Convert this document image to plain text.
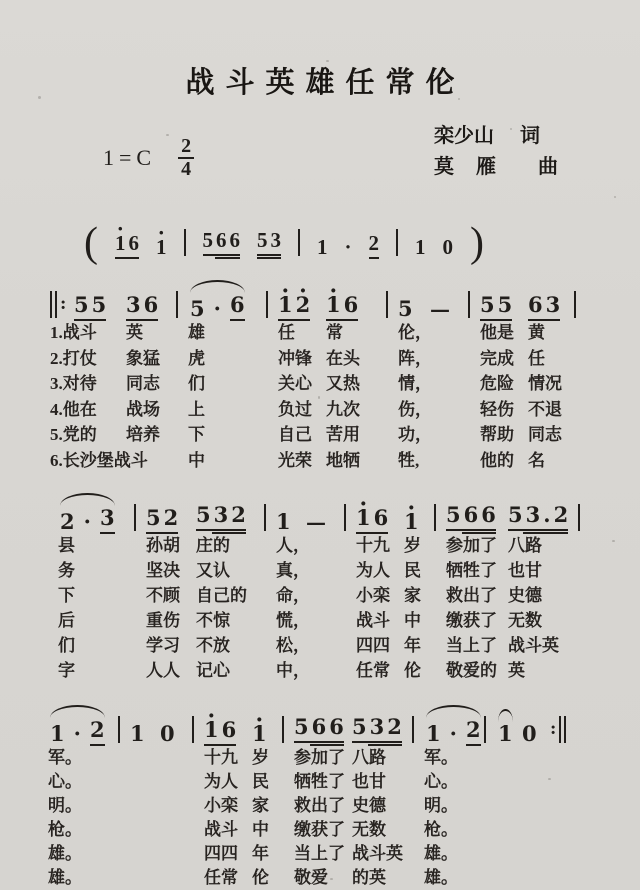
战斗英雄任常伦
$1=C \frac{2}{4}$	栾少山	词
莫雁 曲
( · 1 6 · 1 5 6 6 5 3 1 · 2 1 0 )
: 5 5 3 6 5 · 6 · 1 · 2 · 1 6 5 — 5 5 6 3
1.战斗 英	雄	任 常	伦，	他是 黄
2.打仗 象猛 虎	冲锋 在头 阵，	完成 任
3.对待 同志 们	关心 又热 情，	危险 情况
4.他在 战场 上	负过 九次 伤，	轻伤 不退
5.党的 培养 下	自己 苦用 功，	帮助 同志
6.长沙堡战斗 中	光荣 地牺 牲,	他的 名
2 · 3 5 2 5 3 2 1 — · 1 6 · 1 5 6 6 5 3 . 2
县	孙胡 庄的	人，	十九 岁 参加了 八路
务	坚决 又认	真，	为人 民 牺牲了 也甘
下	不顾 自己的 命，	小栾 家 救出了 史德
后	重伤 不惊	慌，	战斗 中 缴获了 无数
们	学习 不放	松，	四四 年 当上了 战斗英
字	人人 记心	中，	任常 伦 敬爱的 英
1 · 2 1 0 · 1 6 · 1 5 6 6 5 3 2 1 · 2 1 0 :
军。	十九 岁 参加了 八路 军。
心。	为人 民 牺牲了 也甘 心。
明。	小栾 家 救出了 史德 明。
枪。	战斗 中 缴获了 无数 枪。
雄。	四四 年 当上了 战斗英 雄。
雄。	任常 伦 敬爱 的英 雄。
